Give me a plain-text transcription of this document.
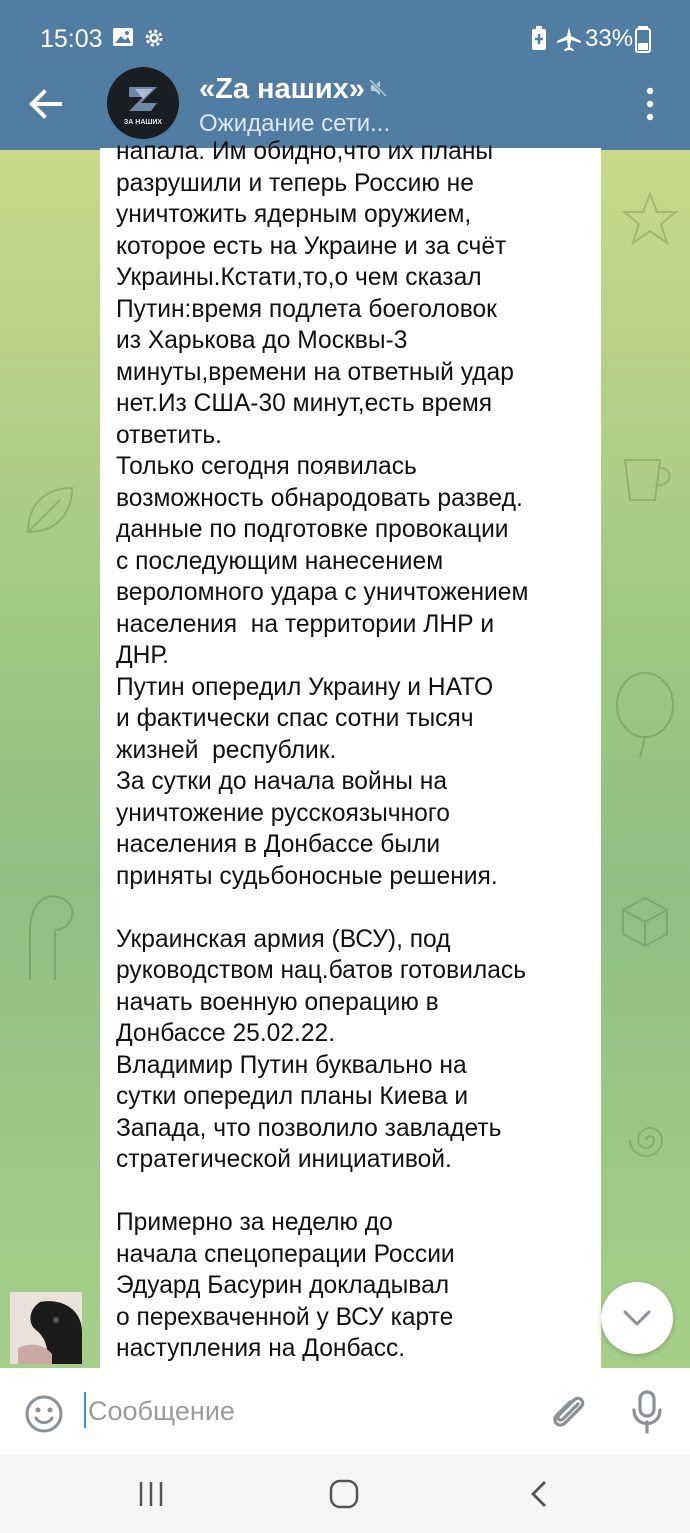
15:03	33%
ЗА НАШИХ
«Za наших»
Ожидание сети...

напала. Им обидно,что их планы
разрушили и теперь Россию не
уничтожить ядерным оружием,
которое есть на Украине и за счёт
Украины.Кстати,то,о чем сказал
Путин:время подлета боеголовок
из Харькова до Москвы-3
минуты,времени на ответный удар
нет.Из США-30 минут,есть время
ответить.
Только сегодня появилась
возможность обнародовать развед.
данные по подготовке провокации
с последующим нанесением
вероломного удара с уничтожением
населения  на территории ЛНР и
ДНР.
Путин опередил Украину и НАТО
и фактически спас сотни тысяч
жизней  республик.
За сутки до начала войны на
уничтожение русскоязычного
населения в Донбассе были
приняты судьбоносные решения.

Украинская армия (ВСУ), под
руководством нац.батов готовилась
начать военную операцию в
Донбассе 25.02.22.
Владимир Путин буквально на
сутки опередил планы Киева и
Запада, что позволило завладеть
стратегической инициативой.

Примерно за неделю до
начала спецоперации России
Эдуард Басурин докладывал
о перехваченной у ВСУ карте
наступления на Донбасс.

Сообщение
